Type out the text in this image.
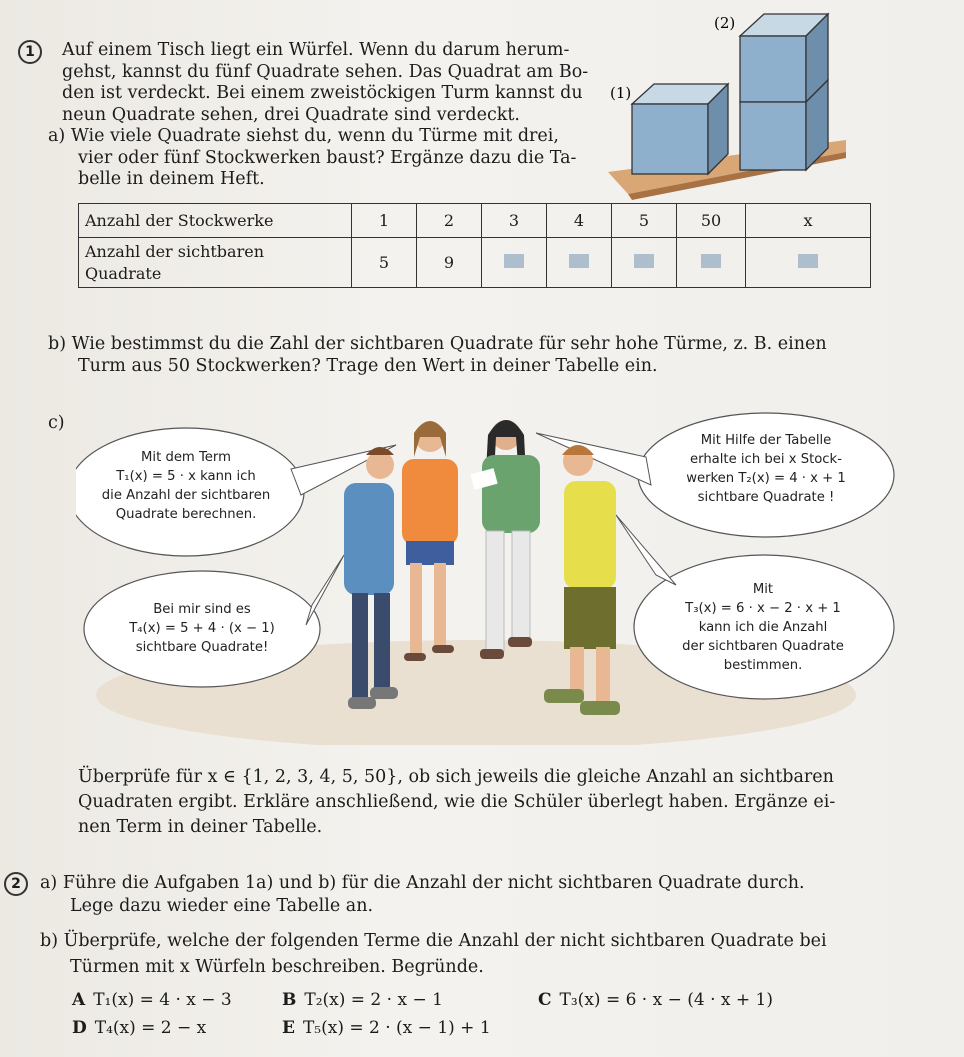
1	Auf einem Tisch liegt ein Würfel. Wenn du darum herum-
gehst, kannst du fünf Quadrate sehen. Das Quadrat am Bo-
den ist verdeckt. Bei einem zweistöckigen Turm kannst du
neun Quadrate sehen, drei Quadrate sind verdeckt.
a) Wie viele Quadrate siehst du, wenn du Türme mit drei,
vier oder fünf Stockwerken baust? Ergänze dazu die Ta-
belle in deinem Heft.
(1)
(2)
Anzahl der Stockwerke	1	2	3	4	5	50	x

Anzahl der sichtbaren
Quadrate	5	9					
b) Wie bestimmst du die Zahl der sichtbaren Quadrate für sehr hohe Türme, z. B. einen
Turm aus 50 Stockwerken? Trage den Wert in deiner Tabelle ein.
c)
Mit dem Term
T₁(x) = 5 · x kann ich
die Anzahl der sichtbaren
Quadrate berechnen.
Bei mir sind es
T₄(x) = 5 + 4 · (x − 1)
sichtbare Quadrate!
Mit Hilfe der Tabelle
erhalte ich bei x Stock-
werken T₂(x) = 4 · x + 1
sichtbare Quadrate !
Mit
T₃(x) = 6 · x − 2 · x + 1
kann ich die Anzahl
der sichtbaren Quadrate
bestimmen.
Überprüfe für x ∈ {1, 2, 3, 4, 5, 50}, ob sich jeweils die gleiche Anzahl an sichtbaren
Quadraten ergibt. Erkläre anschließend, wie die Schüler überlegt haben. Ergänze ei-
nen Term in deiner Tabelle.
2	a) Führe die Aufgaben 1a) und b) für die Anzahl der nicht sichtbaren Quadrate durch.
Lege dazu wieder eine Tabelle an.
b) Überprüfe, welche der folgenden Terme die Anzahl der nicht sichtbaren Quadrate bei
Türmen mit x Würfeln beschreiben. Begründe.
A T₁(x) = 4 · x − 3	B T₂(x) = 2 · x − 1	C T₃(x) = 6 · x − (4 · x + 1)
D T₄(x) = 2 − x	E T₅(x) = 2 · (x − 1) + 1
